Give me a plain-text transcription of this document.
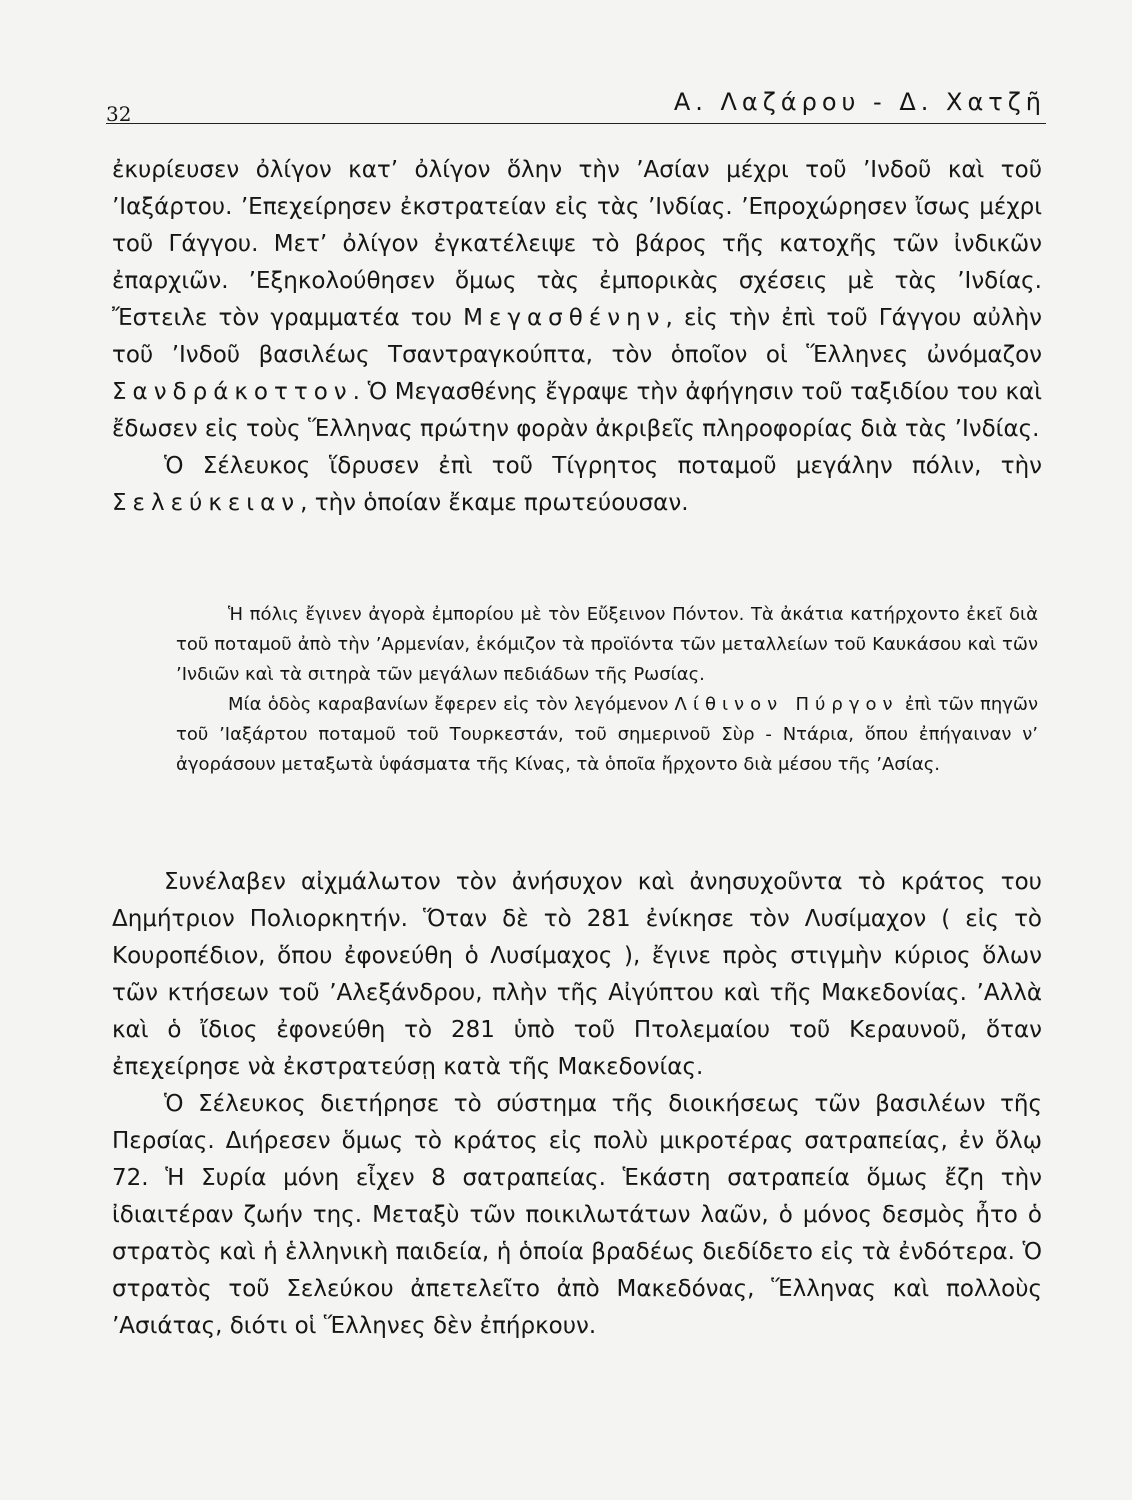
32	Α. Λαζάρου - Δ. Χατζῆ

ἐκυρίευσεν ὀλίγον κατ’ ὀλίγον ὅλην τὴν ’Ασίαν μέχρι τοῦ ’Ινδοῦ καὶ τοῦ ’Ιαξάρτου. ’Επεχείρησεν ἐκστρατείαν εἰς τὰς ’Ινδίας. ’Επροχώρησεν ἴσως μέχρι τοῦ Γάγγου. Μετ’ ὀλίγον ἐγκατέλειψε τὸ βάρος τῆς κατοχῆς τῶν ἰνδικῶν ἐπαρχιῶν. ’Εξηκολούθησεν ὅμως τὰς ἐμπορικὰς σχέσεις μὲ τὰς ’Ινδίας. Ἔστειλε τὸν γραμματέα του Μεγασθένην, εἰς τὴν ἐπὶ τοῦ Γάγγου αὐλὴν τοῦ ’Ινδοῦ βασιλέως Τσαντραγκούπτα, τὸν ὁποῖον οἱ Ἕλληνες ὠνόμαζον Σανδράκοττον. Ὁ Μεγασθένης ἔγραψε τὴν ἀφήγησιν τοῦ ταξιδίου του καὶ ἔδωσεν εἰς τοὺς Ἕλληνας πρώτην φορὰν ἀκριβεῖς πληροφορίας διὰ τὰς ’Ινδίας.

Ὁ Σέλευκος ἵδρυσεν ἐπὶ τοῦ Τίγρητος ποταμοῦ μεγάλην πόλιν, τὴν Σελεύκειαν, τὴν ὁποίαν ἔκαμε πρωτεύουσαν.

Ἡ πόλις ἔγινεν ἀγορὰ ἐμπορίου μὲ τὸν Εὔξεινον Πόντον. Τὰ ἀκάτια κατήρχοντο ἐκεῖ διὰ τοῦ ποταμοῦ ἀπὸ τὴν ’Αρμενίαν, ἐκόμιζον τὰ προϊόντα τῶν μεταλλείων τοῦ Καυκάσου καὶ τῶν ’Ινδιῶν καὶ τὰ σιτηρὰ τῶν μεγάλων πεδιάδων τῆς Ρωσίας.

Μία ὁδὸς καραβανίων ἔφερεν εἰς τὸν λεγόμενον Λίθινον Πύργον ἐπὶ τῶν πηγῶν τοῦ ’Ιαξάρτου ποταμοῦ τοῦ Τουρκεστάν, τοῦ σημερινοῦ Σὺρ - Ντάρια, ὅπου ἐπήγαιναν ν’ ἀγοράσουν μεταξωτὰ ὑφάσματα τῆς Κίνας, τὰ ὁποῖα ἤρχοντο διὰ μέσου τῆς ’Ασίας.

Συνέλαβεν αἰχμάλωτον τὸν ἀνήσυχον καὶ ἀνησυχοῦντα τὸ κράτος του Δημήτριον Πολιορκητήν. Ὅταν δὲ τὸ 281 ἐνίκησε τὸν Λυσίμαχον ( εἰς τὸ Κουροπέδιον, ὅπου ἐφονεύθη ὁ Λυσίμαχος ), ἔγινε πρὸς στιγμὴν κύριος ὅλων τῶν κτήσεων τοῦ ’Αλεξάνδρου, πλὴν τῆς Αἰγύπτου καὶ τῆς Μακεδονίας. ’Αλλὰ καὶ ὁ ἴδιος ἐφονεύθη τὸ 281 ὑπὸ τοῦ Πτολεμαίου τοῦ Κεραυνοῦ, ὅταν ἐπεχείρησε νὰ ἐκστρατεύσῃ κατὰ τῆς Μακεδονίας.

Ὁ Σέλευκος διετήρησε τὸ σύστημα τῆς διοικήσεως τῶν βασιλέων τῆς Περσίας. Διήρεσεν ὅμως τὸ κράτος εἰς πολὺ μικροτέρας σατραπείας, ἐν ὅλῳ 72. Ἡ Συρία μόνη εἶχεν 8 σατραπείας. Ἑκάστη σατραπεία ὅμως ἔζη τὴν ἰδιαιτέραν ζωήν της. Μεταξὺ τῶν ποικιλωτάτων λαῶν, ὁ μόνος δεσμὸς ἦτο ὁ στρατὸς καὶ ἡ ἑλληνικὴ παιδεία, ἡ ὁποία βραδέως διεδίδετο εἰς τὰ ἐνδότερα. Ὁ στρατὸς τοῦ Σελεύκου ἀπετελεῖτο ἀπὸ Μακεδόνας, Ἕλληνας καὶ πολλοὺς ’Ασιάτας, διότι οἱ Ἕλληνες δὲν ἐπήρκουν.
